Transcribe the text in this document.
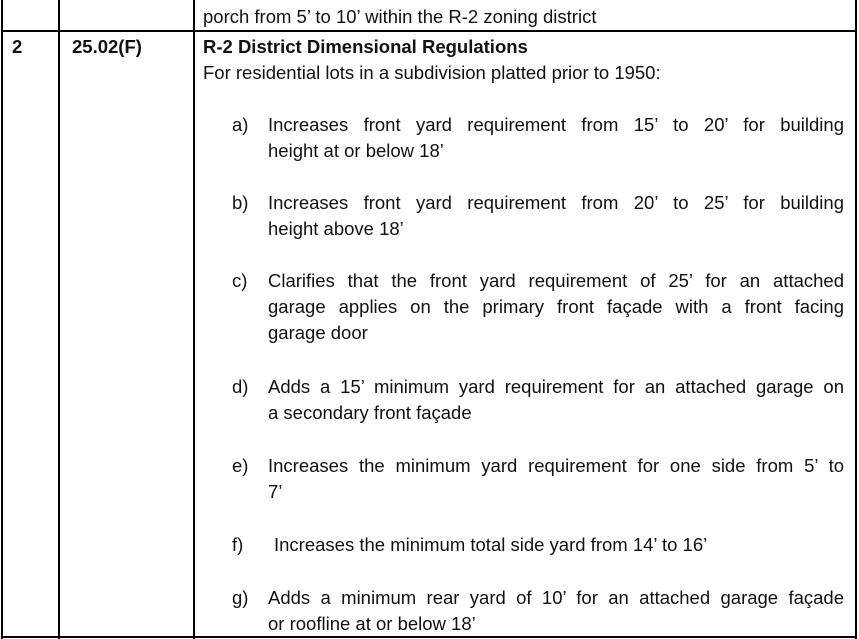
porch from 5’ to 10’ within the R-2 zoning district
2	25.02(F)	R-2 District Dimensional Regulations
For residential lots in a subdivision platted prior to 1950:
a) Increases front yard requirement from 15’ to 20’ for building
height at or below 18’
b) Increases front yard requirement from 20’ to 25’ for building
height above 18’
c) Clarifies that the front yard requirement of 25’ for an attached
garage applies on the primary front façade with a front facing
garage door
d) Adds a 15’ minimum yard requirement for an attached garage on
a secondary front façade
e) Increases the minimum yard requirement for one side from 5’ to
7’
f) Increases the minimum total side yard from 14’ to 16’
g) Adds a minimum rear yard of 10’ for an attached garage façade
or roofline at or below 18’
